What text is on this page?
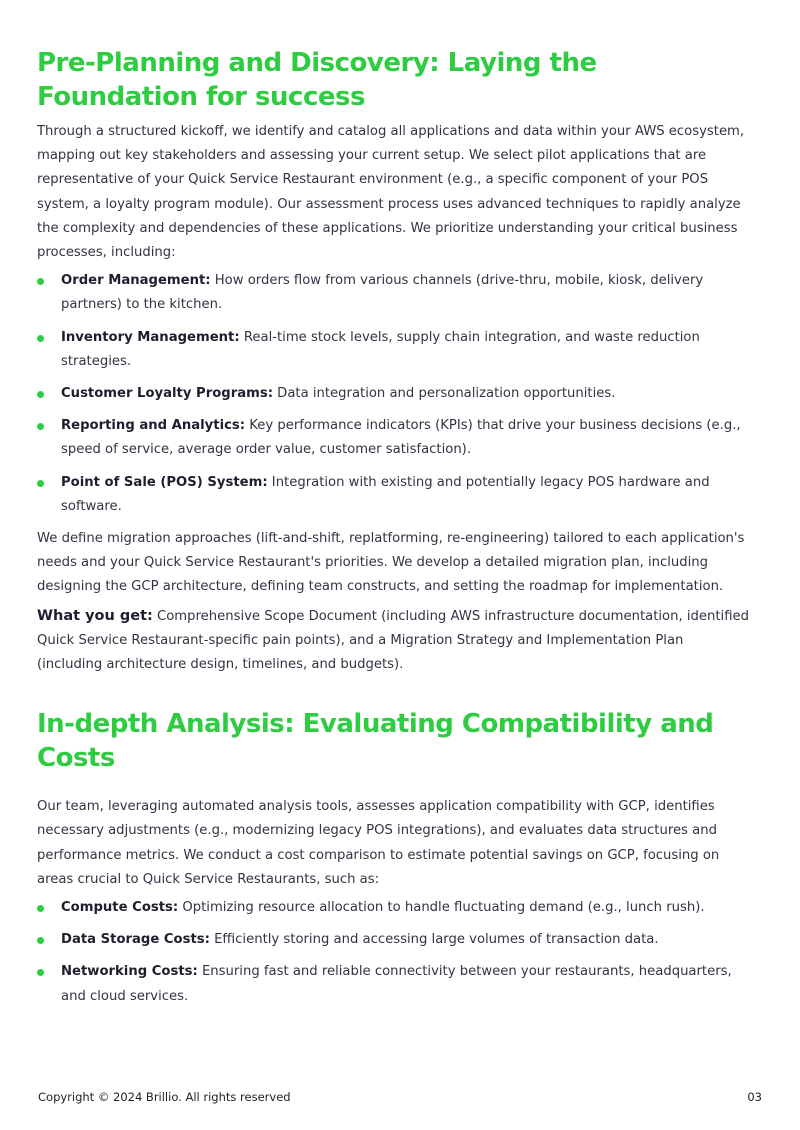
Pre-Planning and Discovery: Laying the Foundation for success

Through a structured kickoff, we identify and catalog all applications and data within your AWS ecosystem, mapping out key stakeholders and assessing your current setup. We select pilot applications that are representative of your Quick Service Restaurant environment (e.g., a specific component of your POS system, a loyalty program module). Our assessment process uses advanced techniques to rapidly analyze the complexity and dependencies of these applications. We prioritize understanding your critical business processes, including:

Order Management: How orders flow from various channels (drive-thru, mobile, kiosk, delivery partners) to the kitchen.
Inventory Management: Real-time stock levels, supply chain integration, and waste reduction strategies.
Customer Loyalty Programs: Data integration and personalization opportunities.
Reporting and Analytics: Key performance indicators (KPIs) that drive your business decisions (e.g., speed of service, average order value, customer satisfaction).
Point of Sale (POS) System: Integration with existing and potentially legacy POS hardware and software.

We define migration approaches (lift-and-shift, replatforming, re-engineering) tailored to each application's needs and your Quick Service Restaurant's priorities. We develop a detailed migration plan, including designing the GCP architecture, defining team constructs, and setting the roadmap for implementation.

What you get: Comprehensive Scope Document (including AWS infrastructure documentation, identified Quick Service Restaurant-specific pain points), and a Migration Strategy and Implementation Plan (including architecture design, timelines, and budgets).

In-depth Analysis: Evaluating Compatibility and Costs

Our team, leveraging automated analysis tools, assesses application compatibility with GCP, identifies necessary adjustments (e.g., modernizing legacy POS integrations), and evaluates data structures and performance metrics. We conduct a cost comparison to estimate potential savings on GCP, focusing on areas crucial to Quick Service Restaurants, such as:

Compute Costs: Optimizing resource allocation to handle fluctuating demand (e.g., lunch rush).
Data Storage Costs: Efficiently storing and accessing large volumes of transaction data.
Networking Costs: Ensuring fast and reliable connectivity between your restaurants, headquarters, and cloud services.
Copyright © 2024 Brillio. All rights reserved	03
